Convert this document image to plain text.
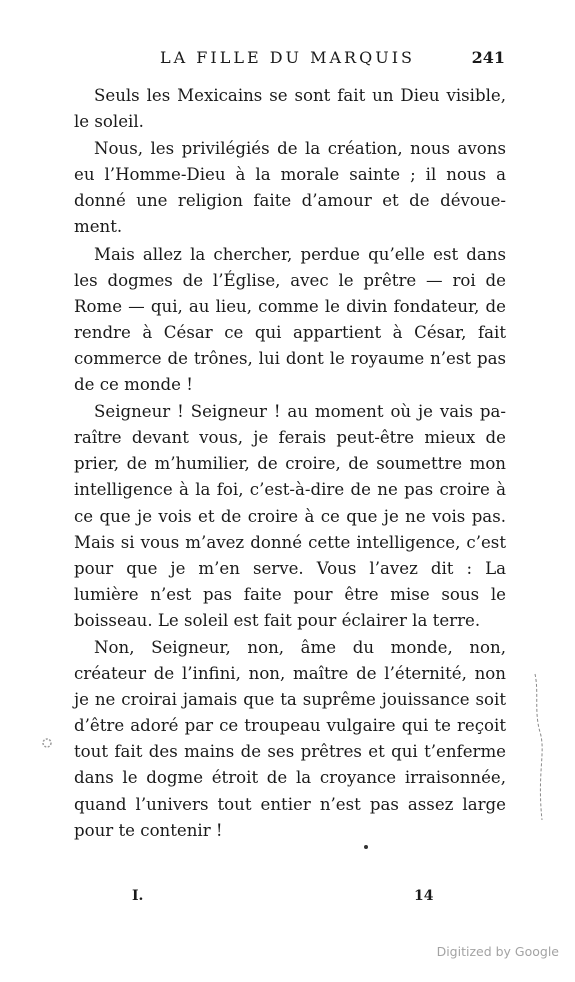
LA FILLE DU MARQUIS	241

Seuls les Mexicains se sont fait un Dieu visible, le soleil.

Nous, les privilégiés de la création, nous avons eu l’Homme-Dieu à la morale sainte ; il nous a donné une religion faite d’amour et de dévouement.

Mais allez la chercher, perdue qu’elle est dans les dogmes de l’Église, avec le prêtre — roi de Rome — qui, au lieu, comme le divin fondateur, de rendre à César ce qui appartient à César, fait commerce de trônes, lui dont le royaume n’est pas de ce monde !

Seigneur ! Seigneur ! au moment où je vais paraître devant vous, je ferais peut-être mieux de prier, de m’humilier, de croire, de soumettre mon intelligence à la foi, c’est-à-dire de ne pas croire à ce que je vois et de croire à ce que je ne vois pas. Mais si vous m’avez donné cette intelligence, c’est pour que je m’en serve. Vous l’avez dit : La lumière n’est pas faite pour être mise sous le boisseau. Le soleil est fait pour éclairer la terre.

Non, Seigneur, non, âme du monde, non, créateur de l’infini, non, maître de l’éternité, non je ne croirai jamais que ta suprême jouissance soit d’être adoré par ce troupeau vulgaire qui te reçoit tout fait des mains de ses prêtres et qui t’enferme dans le dogme étroit de la croyance irraisonnée, quand l’univers tout entier n’est pas assez large pour te contenir !

I.	14
Digitized by Google
